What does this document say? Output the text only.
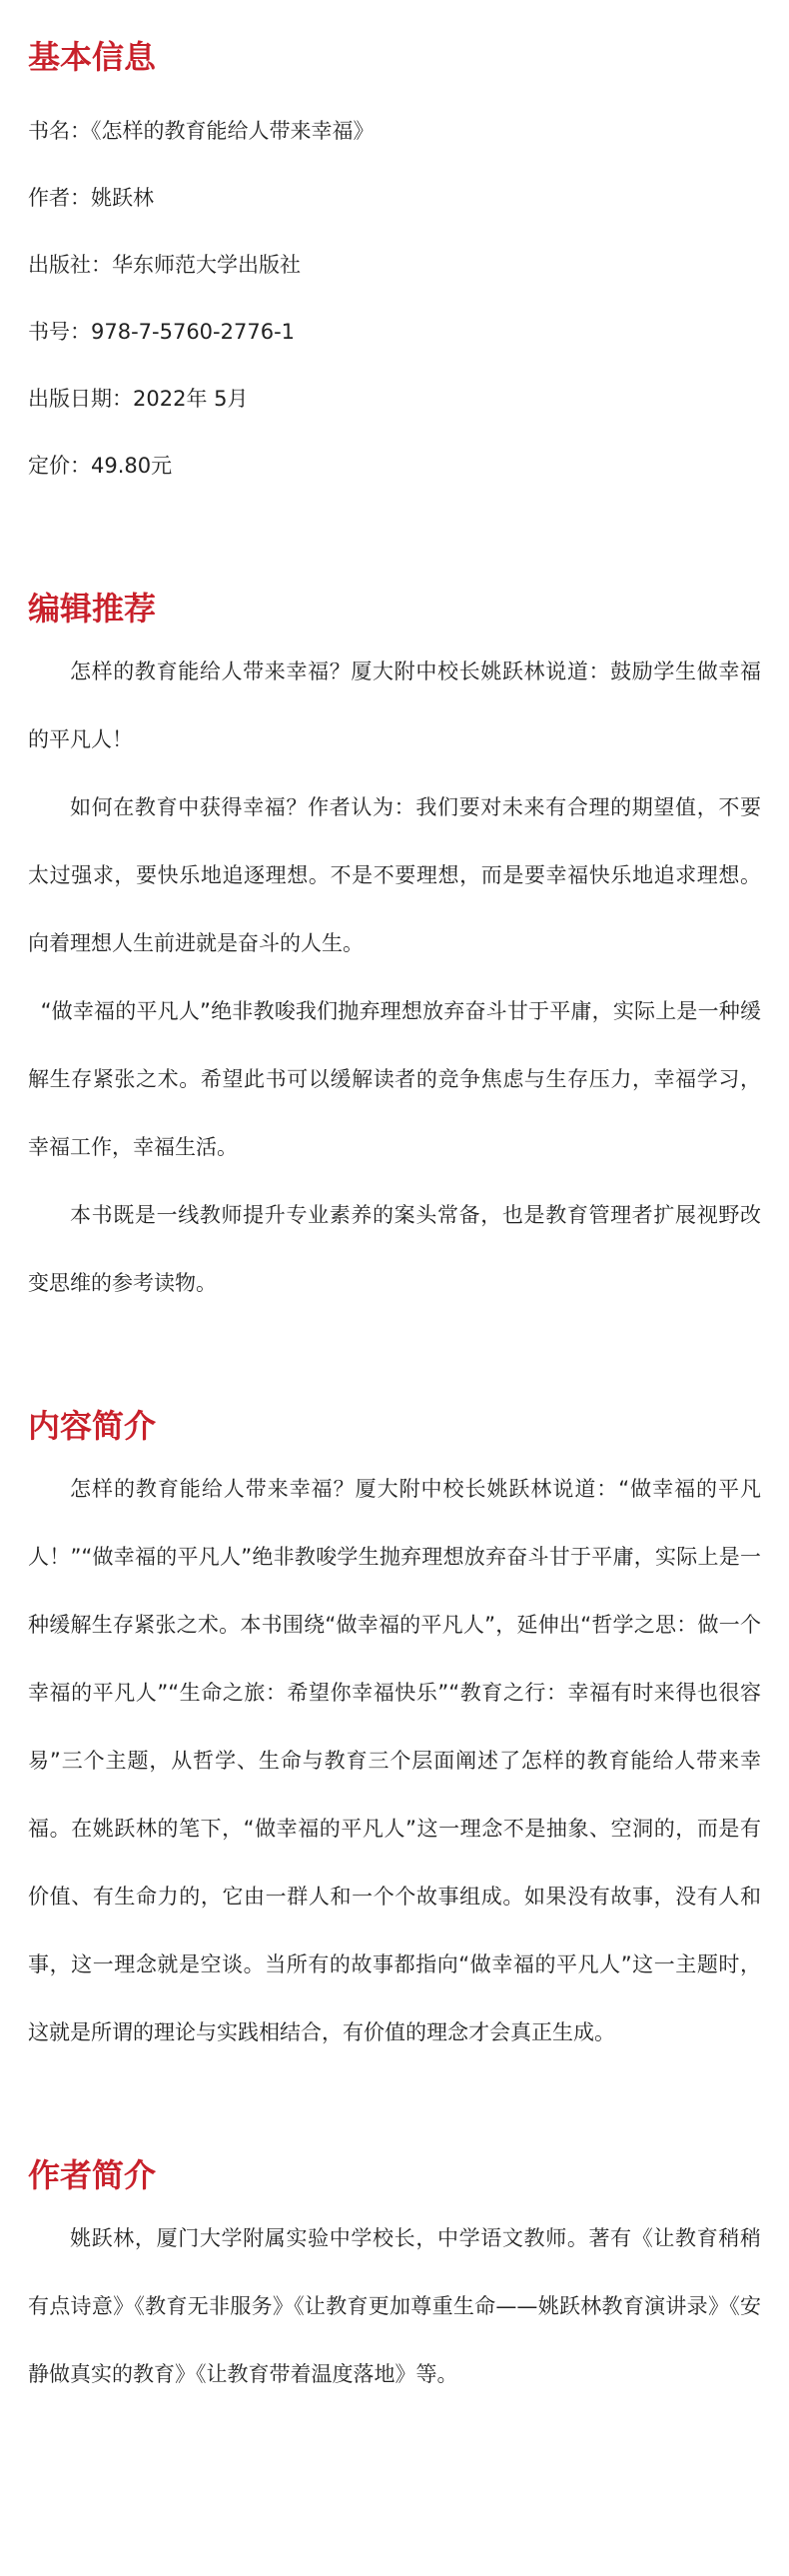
基本信息
书名：《怎样的教育能给人带来幸福》
作者：姚跃林
出版社：华东师范大学出版社
书号：978-7-5760-2776-1
出版日期：2022年 5月
定价：49.80元
编辑推荐

怎样的教育能给人带来幸福？厦大附中校长姚跃林说道：鼓励学生做幸福的平凡人！

如何在教育中获得幸福？作者认为：我们要对未来有合理的期望值，不要太过强求，要快乐地追逐理想。不是不要理想，而是要幸福快乐地追求理想。向着理想人生前进就是奋斗的人生。

“做幸福的平凡人”绝非教唆我们抛弃理想放弃奋斗甘于平庸，实际上是一种缓解生存紧张之术。希望此书可以缓解读者的竞争焦虑与生存压力，幸福学习，幸福工作，幸福生活。

本书既是一线教师提升专业素养的案头常备，也是教育管理者扩展视野改变思维的参考读物。

内容简介

怎样的教育能给人带来幸福？厦大附中校长姚跃林说道：“做幸福的平凡人！”“做幸福的平凡人”绝非教唆学生抛弃理想放弃奋斗甘于平庸，实际上是一种缓解生存紧张之术。本书围绕“做幸福的平凡人”，延伸出“哲学之思：做一个幸福的平凡人”“生命之旅：希望你幸福快乐”“教育之行：幸福有时来得也很容易”三个主题，从哲学、生命与教育三个层面阐述了怎样的教育能给人带来幸福。在姚跃林的笔下，“做幸福的平凡人”这一理念不是抽象、空洞的，而是有价值、有生命力的，它由一群人和一个个故事组成。如果没有故事，没有人和事，这一理念就是空谈。当所有的故事都指向“做幸福的平凡人”这一主题时，这就是所谓的理论与实践相结合，有价值的理念才会真正生成。

作者简介

姚跃林，厦门大学附属实验中学校长，中学语文教师。著有《让教育稍稍有点诗意》《教育无非服务》《让教育更加尊重生命——姚跃林教育演讲录》《安静做真实的教育》《让教育带着温度落地》等。
